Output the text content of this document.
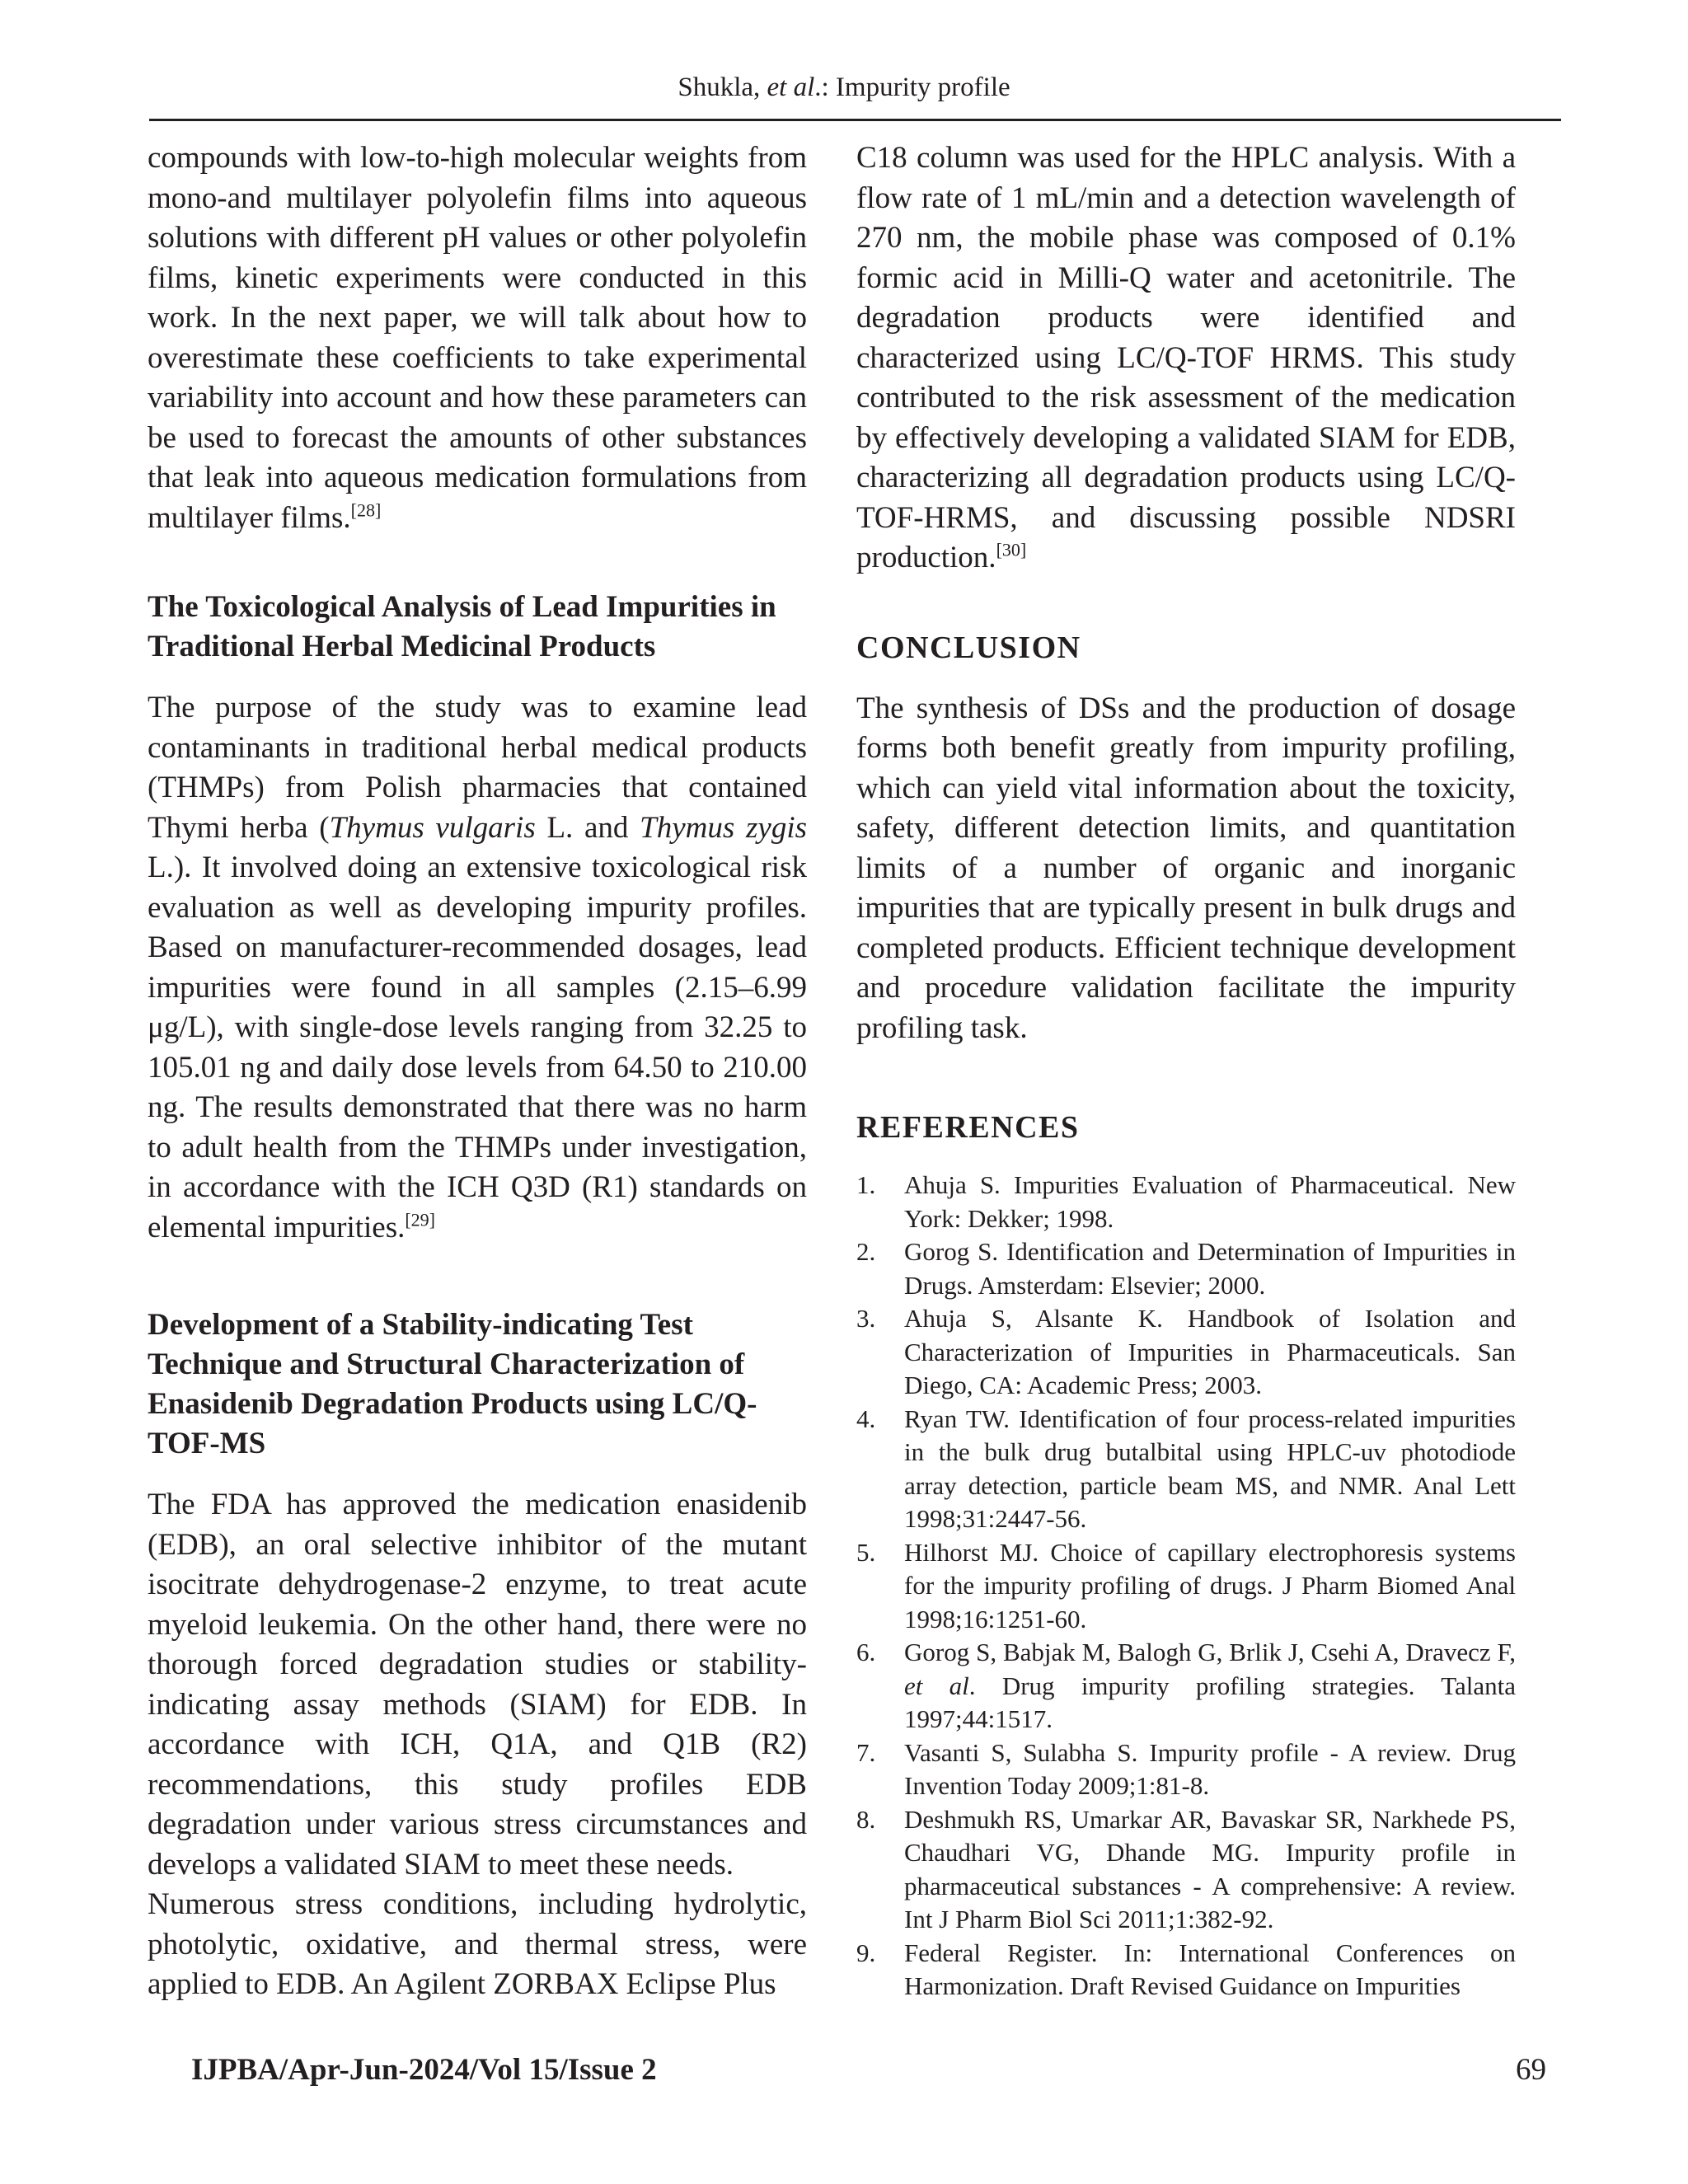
Shukla, et al.: Impurity profile

compounds with low-to-high molecular weights from mono-and multilayer polyolefin films into aqueous solutions with different pH values or other polyolefin films, kinetic experiments were conducted in this work. In the next paper, we will talk about how to overestimate these coefficients to take experimental variability into account and how these parameters can be used to forecast the amounts of other substances that leak into aqueous medication formulations from multilayer films.[28]

The Toxicological Analysis of Lead Impurities in Traditional Herbal Medicinal Products

The purpose of the study was to examine lead contaminants in traditional herbal medical products (THMPs) from Polish pharmacies that contained Thymi herba (Thymus vulgaris L. and Thymus zygis L.). It involved doing an extensive toxicological risk evaluation as well as developing impurity profiles. Based on manufacturer-recommended dosages, lead impurities were found in all samples (2.15–6.99 μg/L), with single-dose levels ranging from 32.25 to 105.01 ng and daily dose levels from 64.50 to 210.00 ng. The results demonstrated that there was no harm to adult health from the THMPs under investigation, in accordance with the ICH Q3D (R1) standards on elemental impurities.[29]

Development of a Stability-indicating Test Technique and Structural Characterization of Enasidenib Degradation Products using LC/Q-TOF-MS

The FDA has approved the medication enasidenib (EDB), an oral selective inhibitor of the mutant isocitrate dehydrogenase-2 enzyme, to treat acute myeloid leukemia. On the other hand, there were no thorough forced degradation studies or stability-indicating assay methods (SIAM) for EDB. In accordance with ICH, Q1A, and Q1B (R2) recommendations, this study profiles EDB degradation under various stress circumstances and develops a validated SIAM to meet these needs.

Numerous stress conditions, including hydrolytic, photolytic, oxidative, and thermal stress, were applied to EDB. An Agilent ZORBAX Eclipse Plus

C18 column was used for the HPLC analysis. With a flow rate of 1 mL/min and a detection wavelength of 270 nm, the mobile phase was composed of 0.1% formic acid in Milli-Q water and acetonitrile. The degradation products were identified and characterized using LC/Q-TOF HRMS. This study contributed to the risk assessment of the medication by effectively developing a validated SIAM for EDB, characterizing all degradation products using LC/Q-TOF-HRMS, and discussing possible NDSRI production.[30]

CONCLUSION

The synthesis of DSs and the production of dosage forms both benefit greatly from impurity profiling, which can yield vital information about the toxicity, safety, different detection limits, and quantitation limits of a number of organic and inorganic impurities that are typically present in bulk drugs and completed products. Efficient technique development and procedure validation facilitate the impurity profiling task.

REFERENCES
1. Ahuja S. Impurities Evaluation of Pharmaceutical. New York: Dekker; 1998.
2. Gorog S. Identification and Determination of Impurities in Drugs. Amsterdam: Elsevier; 2000.
3. Ahuja S, Alsante K. Handbook of Isolation and Characterization of Impurities in Pharmaceuticals. San Diego, CA: Academic Press; 2003.
4. Ryan TW. Identification of four process-related impurities in the bulk drug butalbital using HPLC-uv photodiode array detection, particle beam MS, and NMR. Anal Lett 1998;31:2447-56.
5. Hilhorst MJ. Choice of capillary electrophoresis systems for the impurity profiling of drugs. J Pharm Biomed Anal 1998;16:1251-60.
6. Gorog S, Babjak M, Balogh G, Brlik J, Csehi A, Dravecz F, et al. Drug impurity profiling strategies. Talanta 1997;44:1517.
7. Vasanti S, Sulabha S. Impurity profile - A review. Drug Invention Today 2009;1:81-8.
8. Deshmukh RS, Umarkar AR, Bavaskar SR, Narkhede PS, Chaudhari VG, Dhande MG. Impurity profile in pharmaceutical substances - A comprehensive: A review. Int J Pharm Biol Sci 2011;1:382-92.
9. Federal Register. In: International Conferences on Harmonization. Draft Revised Guidance on Impurities
IJPBA/Apr-Jun-2024/Vol 15/Issue 2	69
